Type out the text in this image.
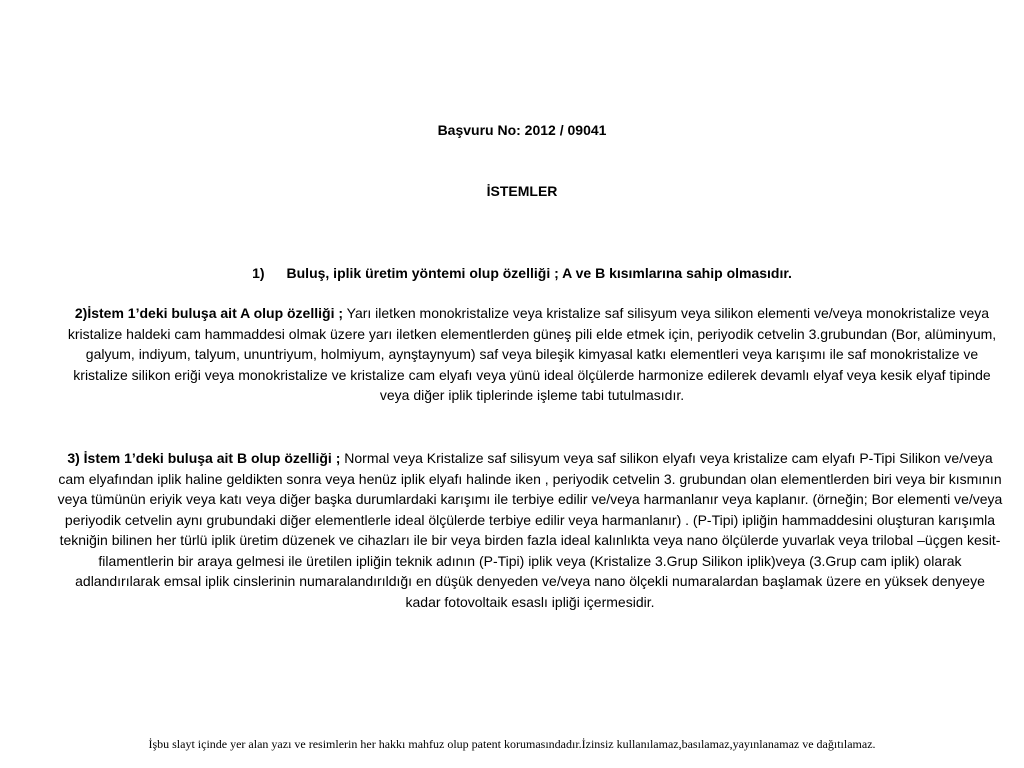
Başvuru No: 2012 / 09041
İSTEMLER
1) Buluş, iplik üretim yöntemi olup özelliği ; A ve B kısımlarına sahip olmasıdır.
2)İstem 1’deki buluşa ait A olup özelliği ; Yarı iletken monokristalize veya kristalize saf silisyum veya silikon elementi ve/veya monokristalize veya kristalize haldeki cam hammaddesi olmak üzere yarı iletken elementlerden güneş pili elde etmek için, periyodik cetvelin 3.grubundan (Bor, alüminyum, galyum, indiyum, talyum, ununtriyum, holmiyum, aynştaynyum) saf veya bileşik kimyasal katkı elementleri veya karışımı ile saf monokristalize ve kristalize silikon eriği veya monokristalize ve kristalize cam elyafı veya yünü ideal ölçülerde harmonize edilerek devamlı elyaf veya kesik elyaf tipinde veya diğer iplik tiplerinde işleme tabi tutulmasıdır.
3) İstem 1’deki buluşa ait B olup özelliği ; Normal veya Kristalize saf silisyum veya saf silikon elyafı veya kristalize cam elyafı P-Tipi Silikon ve/veya cam elyafından iplik haline geldikten sonra veya henüz iplik elyafı halinde iken , periyodik cetvelin 3. grubundan olan elementlerden biri veya bir kısmının veya tümünün eriyik veya katı veya diğer başka durumlardaki karışımı ile terbiye edilir ve/veya harmanlanır veya kaplanır. (örneğin; Bor elementi ve/veya periyodik cetvelin aynı grubundaki diğer elementlerle ideal ölçülerde terbiye edilir veya harmanlanır) . (P-Tipi) ipliğin hammaddesini oluşturan karışımla tekniğin bilinen her türlü iplik üretim düzenek ve cihazları ile bir veya birden fazla ideal kalınlıkta veya nano ölçülerde yuvarlak veya trilobal –üçgen kesit-filamentlerin bir araya gelmesi ile üretilen ipliğin teknik adının (P-Tipi) iplik veya (Kristalize 3.Grup Silikon iplik)veya (3.Grup cam iplik) olarak adlandırılarak emsal iplik cinslerinin numaralandırıldığı en düşük denyeden ve/veya nano ölçekli numaralardan başlamak üzere en yüksek denyeye kadar fotovoltaik esaslı ipliği içermesidir.
İşbu slayt içinde yer alan yazı ve resimlerin her hakkı mahfuz olup patent korumasındadır.İzinsiz kullanılamaz,basılamaz,yayınlanamaz ve dağıtılamaz.
